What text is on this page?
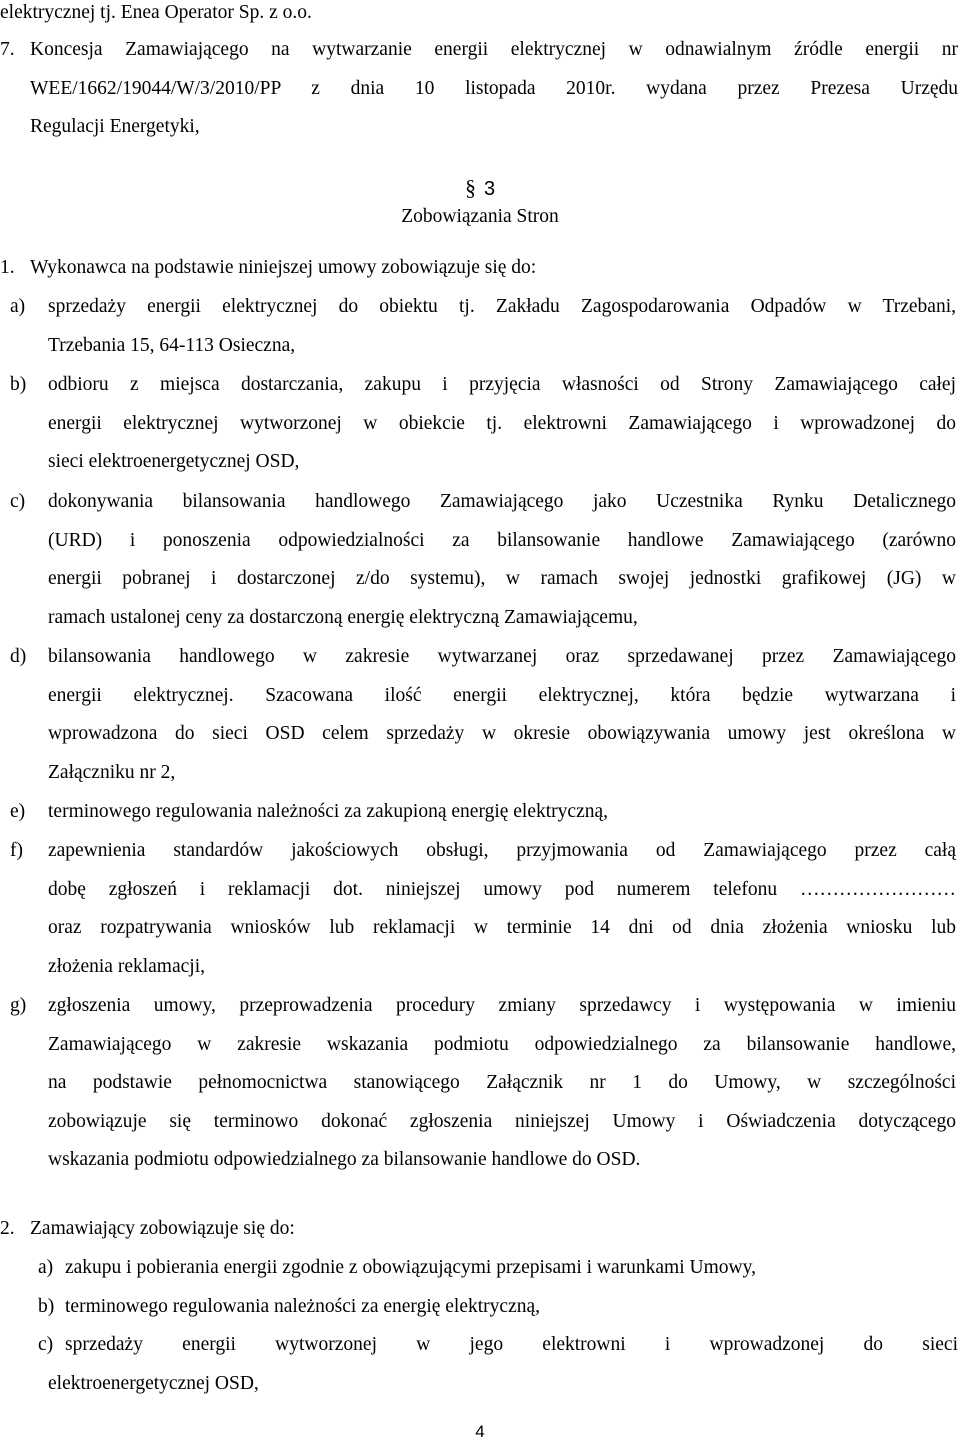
elektrycznej tj. Enea Operator Sp. z o.o.

7. Koncesja Zamawiającego na wytwarzanie energii elektrycznej w odnawialnym źródle energii nr

WEE/1662/19044/W/3/2010/PP z dnia 10 listopada 2010r. wydana przez Prezesa Urzędu

Regulacji Energetyki,

§ 3
Zobowiązania Stron
1. Wykonawca na podstawie niniejszej umowy zobowiązuje się do:

a) sprzedaży energii elektrycznej do obiektu tj. Zakładu Zagospodarowania Odpadów w Trzebani,

Trzebania 15, 64-113 Osieczna,

b) odbioru z miejsca dostarczania, zakupu i przyjęcia własności od Strony Zamawiającego całej

energii elektrycznej wytworzonej w obiekcie tj. elektrowni Zamawiającego i wprowadzonej do

sieci elektroenergetycznej OSD,

c) dokonywania bilansowania handlowego Zamawiającego jako Uczestnika Rynku Detalicznego

(URD) i ponoszenia odpowiedzialności za bilansowanie handlowe Zamawiającego (zarówno

energii pobranej i dostarczonej z/do systemu), w ramach swojej jednostki grafikowej (JG) w

ramach ustalonej ceny za dostarczoną energię elektryczną Zamawiającemu,

d) bilansowania handlowego w zakresie wytwarzanej oraz sprzedawanej przez Zamawiającego

energii elektrycznej. Szacowana ilość energii elektrycznej, która będzie wytwarzana i

wprowadzona do sieci OSD celem sprzedaży w okresie obowiązywania umowy jest określona w

Załączniku nr 2,

e) terminowego regulowania należności za zakupioną energię elektryczną,

f) zapewnienia standardów jakościowych obsługi, przyjmowania od Zamawiającego przez całą

dobę zgłoszeń i reklamacji dot. niniejszej umowy pod numerem telefonu ……………………

oraz rozpatrywania wniosków lub reklamacji w terminie 14 dni od dnia złożenia wniosku lub

złożenia reklamacji,

g) zgłoszenia umowy, przeprowadzenia procedury zmiany sprzedawcy i występowania w imieniu

Zamawiającego w zakresie wskazania podmiotu odpowiedzialnego za bilansowanie handlowe,

na podstawie pełnomocnictwa stanowiącego Załącznik nr 1 do Umowy, w szczególności

zobowiązuje się terminowo dokonać zgłoszenia niniejszej Umowy i Oświadczenia dotyczącego

wskazania podmiotu odpowiedzialnego za bilansowanie handlowe do OSD.

2. Zamawiający zobowiązuje się do:

a) zakupu i pobierania energii zgodnie z obowiązującymi przepisami i warunkami Umowy,

b) terminowego regulowania należności za energię elektryczną,

c) sprzedaży energii wytworzonej w jego elektrowni i wprowadzonej do sieci

elektroenergetycznej OSD,

4
